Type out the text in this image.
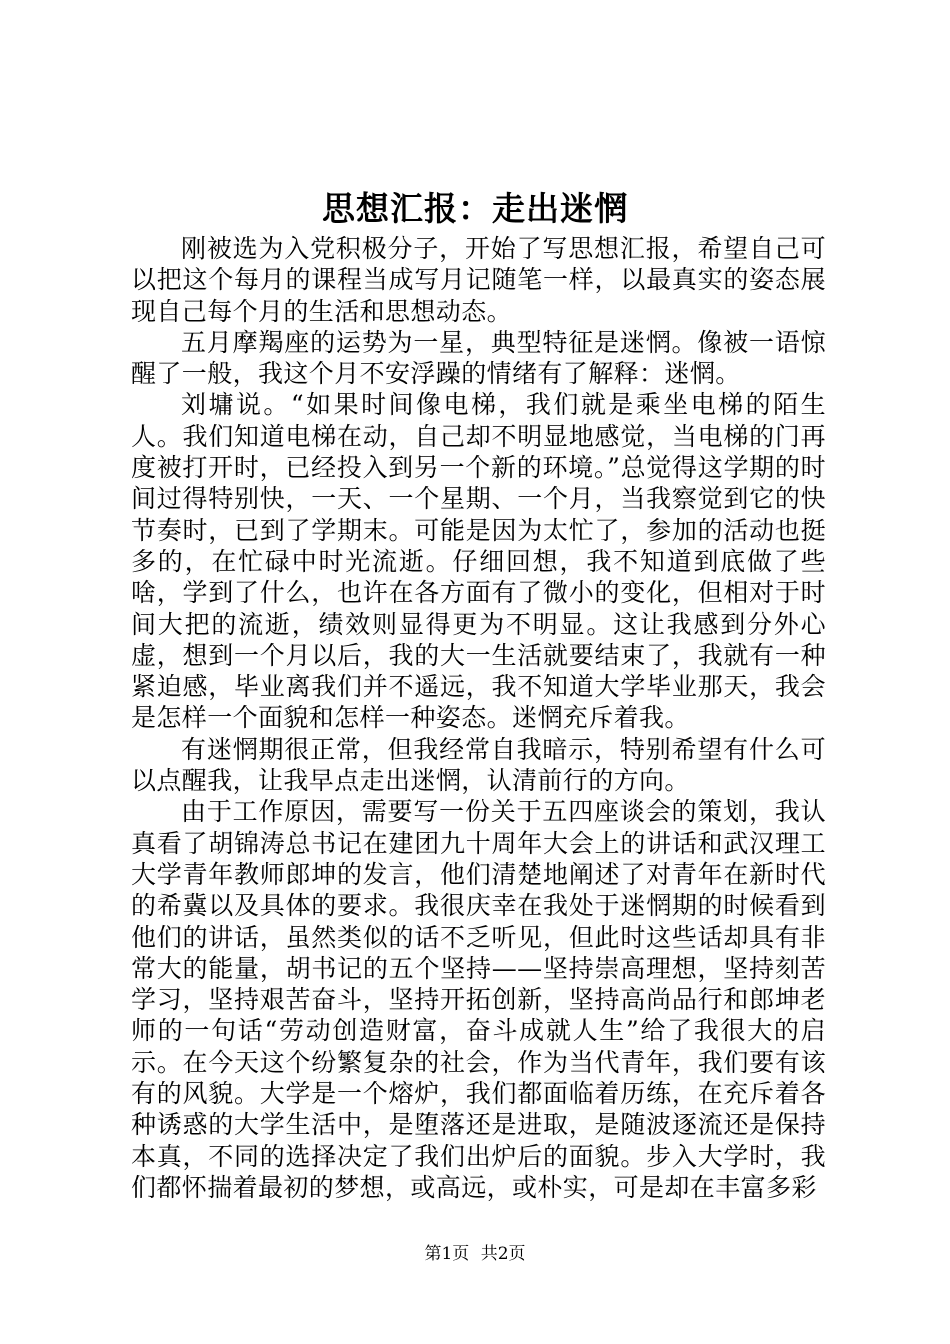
思想汇报：走出迷惘

刚被选为入党积极分子，开始了写思想汇报，希望自己可以把这个每月的课程当成写月记随笔一样，以最真实的姿态展现自己每个月的生活和思想动态。

五月摩羯座的运势为一星，典型特征是迷惘。像被一语惊醒了一般，我这个月不安浮躁的情绪有了解释：迷惘。

刘墉说。“如果时间像电梯，我们就是乘坐电梯的陌生人。我们知道电梯在动，自己却不明显地感觉，当电梯的门再度被打开时，已经投入到另一个新的环境。”总觉得这学期的时间过得特别快，一天、一个星期、一个月，当我察觉到它的快节奏时，已到了学期末。可能是因为太忙了，参加的活动也挺多的，在忙碌中时光流逝。仔细回想，我不知道到底做了些啥，学到了什么，也许在各方面有了微小的变化，但相对于时间大把的流逝，绩效则显得更为不明显。这让我感到分外心虚，想到一个月以后，我的大一生活就要结束了，我就有一种紧迫感，毕业离我们并不遥远，我不知道大学毕业那天，我会是怎样一个面貌和怎样一种姿态。迷惘充斥着我。

有迷惘期很正常，但我经常自我暗示，特别希望有什么可以点醒我，让我早点走出迷惘，认清前行的方向。

由于工作原因，需要写一份关于五四座谈会的策划，我认真看了胡锦涛总书记在建团九十周年大会上的讲话和武汉理工大学青年教师郎坤的发言，他们清楚地阐述了对青年在新时代的希冀以及具体的要求。我很庆幸在我处于迷惘期的时候看到他们的讲话，虽然类似的话不乏听见，但此时这些话却具有非常大的能量，胡书记的五个坚持——坚持崇高理想，坚持刻苦学习，坚持艰苦奋斗，坚持开拓创新，坚持高尚品行和郎坤老师的一句话“劳动创造财富，奋斗成就人生”给了我很大的启示。在今天这个纷繁复杂的社会，作为当代青年，我们要有该有的风貌。大学是一个熔炉，我们都面临着历练，在充斥着各种诱惑的大学生活中，是堕落还是进取，是随波逐流还是保持本真，不同的选择决定了我们出炉后的面貌。步入大学时，我们都怀揣着最初的梦想，或高远，或朴实，可是却在丰富多彩

第1页 共2页
